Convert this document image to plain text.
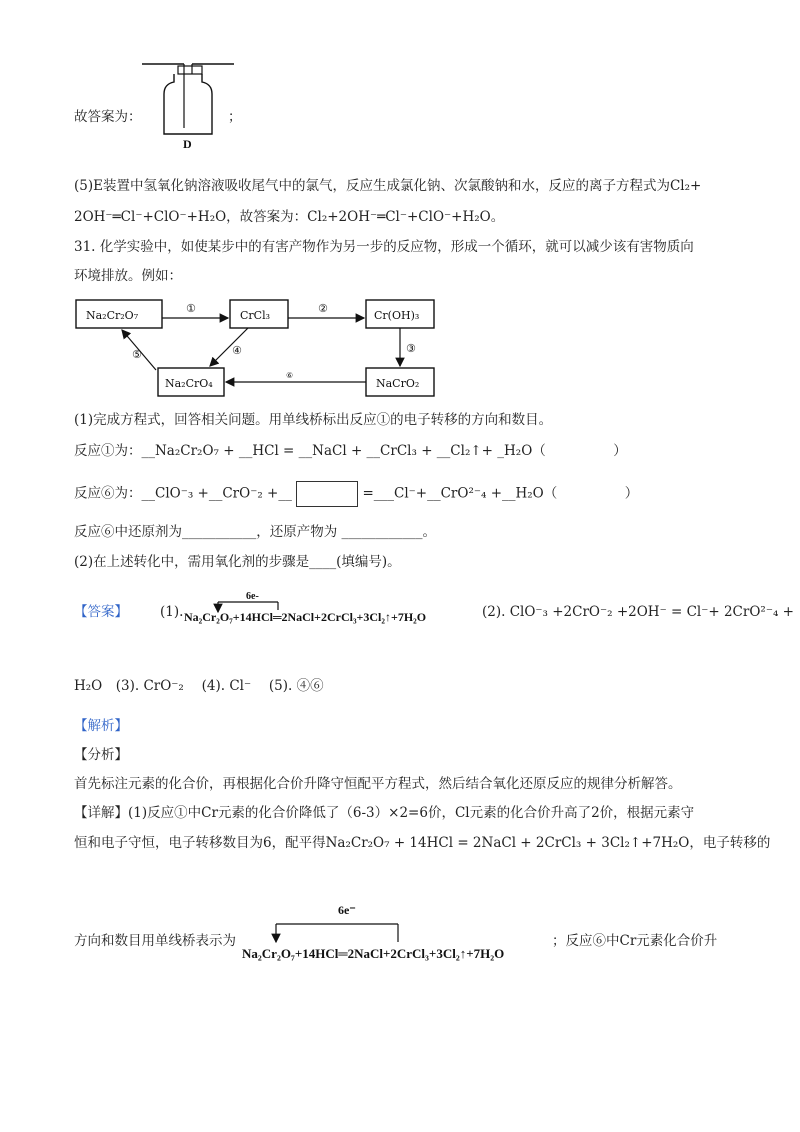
故答案为：
D
；
(5)E装置中氢氧化钠溶液吸收尾气中的氯气，反应生成氯化钠、次氯酸钠和水，反应的离子方程式为Cl₂+
2OH⁻═Cl⁻+ClO⁻+H₂O，故答案为：Cl₂+2OH⁻═Cl⁻+ClO⁻+H₂O。
31. 化学实验中，如使某步中的有害产物作为另一步的反应物，形成一个循环，就可以减少该有害物质向
环境排放。例如：
Na₂Cr₂O₇	CrCl₃	Cr(OH)₃
NaCrO₂
Na₂CrO₄
①	②
③
④
⑤
⑥
(1)完成方程式，回答相关问题。用单线桥标出反应①的电子转移的方向和数目。
反应①为：__Na₂Cr₂O₇ + __HCl = __NaCl + __CrCl₃ + __Cl₂↑+ _H₂O（　　　　　）
反应⑥为：__ClO⁻₃ +__CrO⁻₂ +__	=___Cl⁻+__CrO²⁻₄ +__H₂O（　　　　　）
反应⑥中还原剂为___________，还原产物为 ____________。
(2)在上述转化中，需用氧化剂的步骤是____(填编号)。
【答案】 (1).
6e-
Na₂Cr₂O₇+14HCl═2NaCl+2CrCl₃+3Cl₂↑+7H₂O	(2). ClO⁻₃ +2CrO⁻₂ +2OH⁻ = Cl⁻+ 2CrO²⁻₄ +
H₂O　(3). CrO⁻₂　 (4). Cl⁻　 (5). ④⑥
【解析】
【分析】
首先标注元素的化合价，再根据化合价升降守恒配平方程式，然后结合氧化还原反应的规律分析解答。
【详解】(1)反应①中Cr元素的化合价降低了（6-3）×2=6价，Cl元素的化合价升高了2价，根据元素守
恒和电子守恒，电子转移数目为6，配平得Na₂Cr₂O₇ + 14HCl = 2NaCl + 2CrCl₃ + 3Cl₂↑+7H₂O，电子转移的
方向和数目用单线桥表示为
6e⁻
Na₂Cr₂O₇+14HCl═2NaCl+2CrCl₃+3Cl₂↑+7H₂O
；反应⑥中Cr元素化合价升
